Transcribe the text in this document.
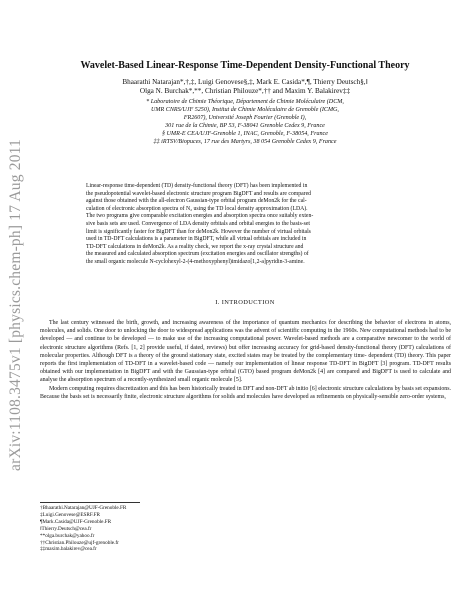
arXiv:1108.3475v1 [physics.chem-ph] 17 Aug 2011
Wavelet-Based Linear-Response Time-Dependent Density-Functional Theory
Bhaarathi Natarajan*,†,‡, Luigi Genovese§,‡, Mark E. Casida*,¶, Thierry Deutsch§,‖
Olga N. Burchak*,**, Christian Philouze*,†† and Maxim Y. Balakirev‡‡
* Laboratoire de Chimie Théorique, Département de Chimie Moléculaire (DCM,
UMR CNRS/UJF 5250), Institut de Chimie Moléculaire de Grenoble (ICMG,
FR2607), Université Joseph Fourier (Grenoble I),
301 rue de la Chimie, BP 53, F-38041 Grenoble Cedex 9, France
§ UMR-E CEA/UJF-Grenoble 1, INAC, Grenoble, F-38054, France
‡‡ iRTSV/Biopuces, 17 rue des Martyrs, 38 054 Grenoble Cedex 9, France
Linear-response time-dependent (TD) density-functional theory (DFT) has been implemented in
the pseudopotential wavelet-based electronic structure program BigDFT and results are compared
against those obtained with the all-electron Gaussian-type orbital program deMon2k for the cal-
culation of electronic absorption spectra of N₂ using the TD local density approximation (LDA).
The two programs give comparable excitation energies and absorption spectra once suitably exten-
sive basis sets are used. Convergence of LDA density orbitals and orbital energies to the basis-set
limit is significantly faster for BigDFT than for deMon2k. However the number of virtual orbitals
used in TD-DFT calculations is a parameter in BigDFT, while all virtual orbitals are included in
TD-DFT calculations in deMon2k. As a reality check, we report the x-ray crystal structure and
the measured and calculated absorption spectrum (excitation energies and oscillator strengths) of
the small organic molecule N-cyclohexyl-2-(4-methoxyphenyl)imidazo[1,2-a]pyridin-3-amine.
I. INTRODUCTION

The last century witnessed the birth, growth, and increasing awareness of the importance of quantum mechanics for describing the behavior of electrons in atoms, molecules, and solids. One door to unlocking the door to widespread applications was the advent of scientific computing in the 1960s. New computational methods had to be developed — and continue to be developed — to make use of the increasing computational power. Wavelet-based methods are a comparative newcomer to the world of electronic structure algorithms (Refs. [1, 2] provide useful, if dated, reviews) but offer increasing accuracy for grid-based density-functional theory (DFT) calculations of molecular properties. Although DFT is a theory of the ground stationary state, excited states may be treated by the complementary time- dependent (TD) theory. This paper reports the first implementation of TD-DFT in a wavelet-based code — namely our implementation of linear response TD-DFT in BigDFT [3] program. TD-DFT results obtained with our implementation in BigDFT and with the Gaussian-type orbital (GTO) based program deMon2k [4] are compared and BigDFT is used to calculate and analyse the absorption spectrum of a recently-synthesized small organic molecule [5].

Modern computing requires discretization and this has been historically treated in DFT and non-DFT ab initio [6] electronic structure calculations by basis set expansions. Because the basis set is necessarily finite, electronic structure algorithms for solids and molecules have developed as refinements on physically-sensible zero-order systems,

†Bhaarathi.Natarajan@UJF-Grenoble.FR
‡Luigi.Genovese@ESRF.FR
¶Mark.Casida@UJF-Grenoble.FR
‖Thierry.Deutsch@cea.fr
**olga.burchak@yahoo.fr
††Christian.Philouze@ujf-grenoble.fr
‡‡maxim.balakirev@cea.fr
